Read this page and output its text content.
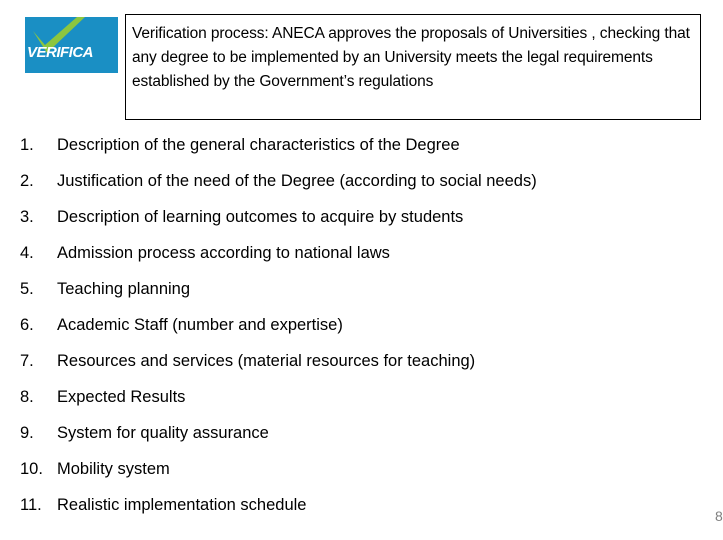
VERIFICA
Verification process: ANECA approves the proposals of Universities , checking that any degree to be implemented by an University meets the legal requirements established by the Government’s regulations
1.	Description of the general characteristics of the Degree
2.	Justification of the need of the Degree (according to social needs)
3.	Description of learning outcomes to acquire by students
4.	Admission process according to national laws
5.	Teaching planning
6.	Academic Staff (number and expertise)
7.	Resources and services (material resources for teaching)
8.	Expected Results
9.	System for quality assurance
10. Mobility system
11. Realistic implementation schedule
8
